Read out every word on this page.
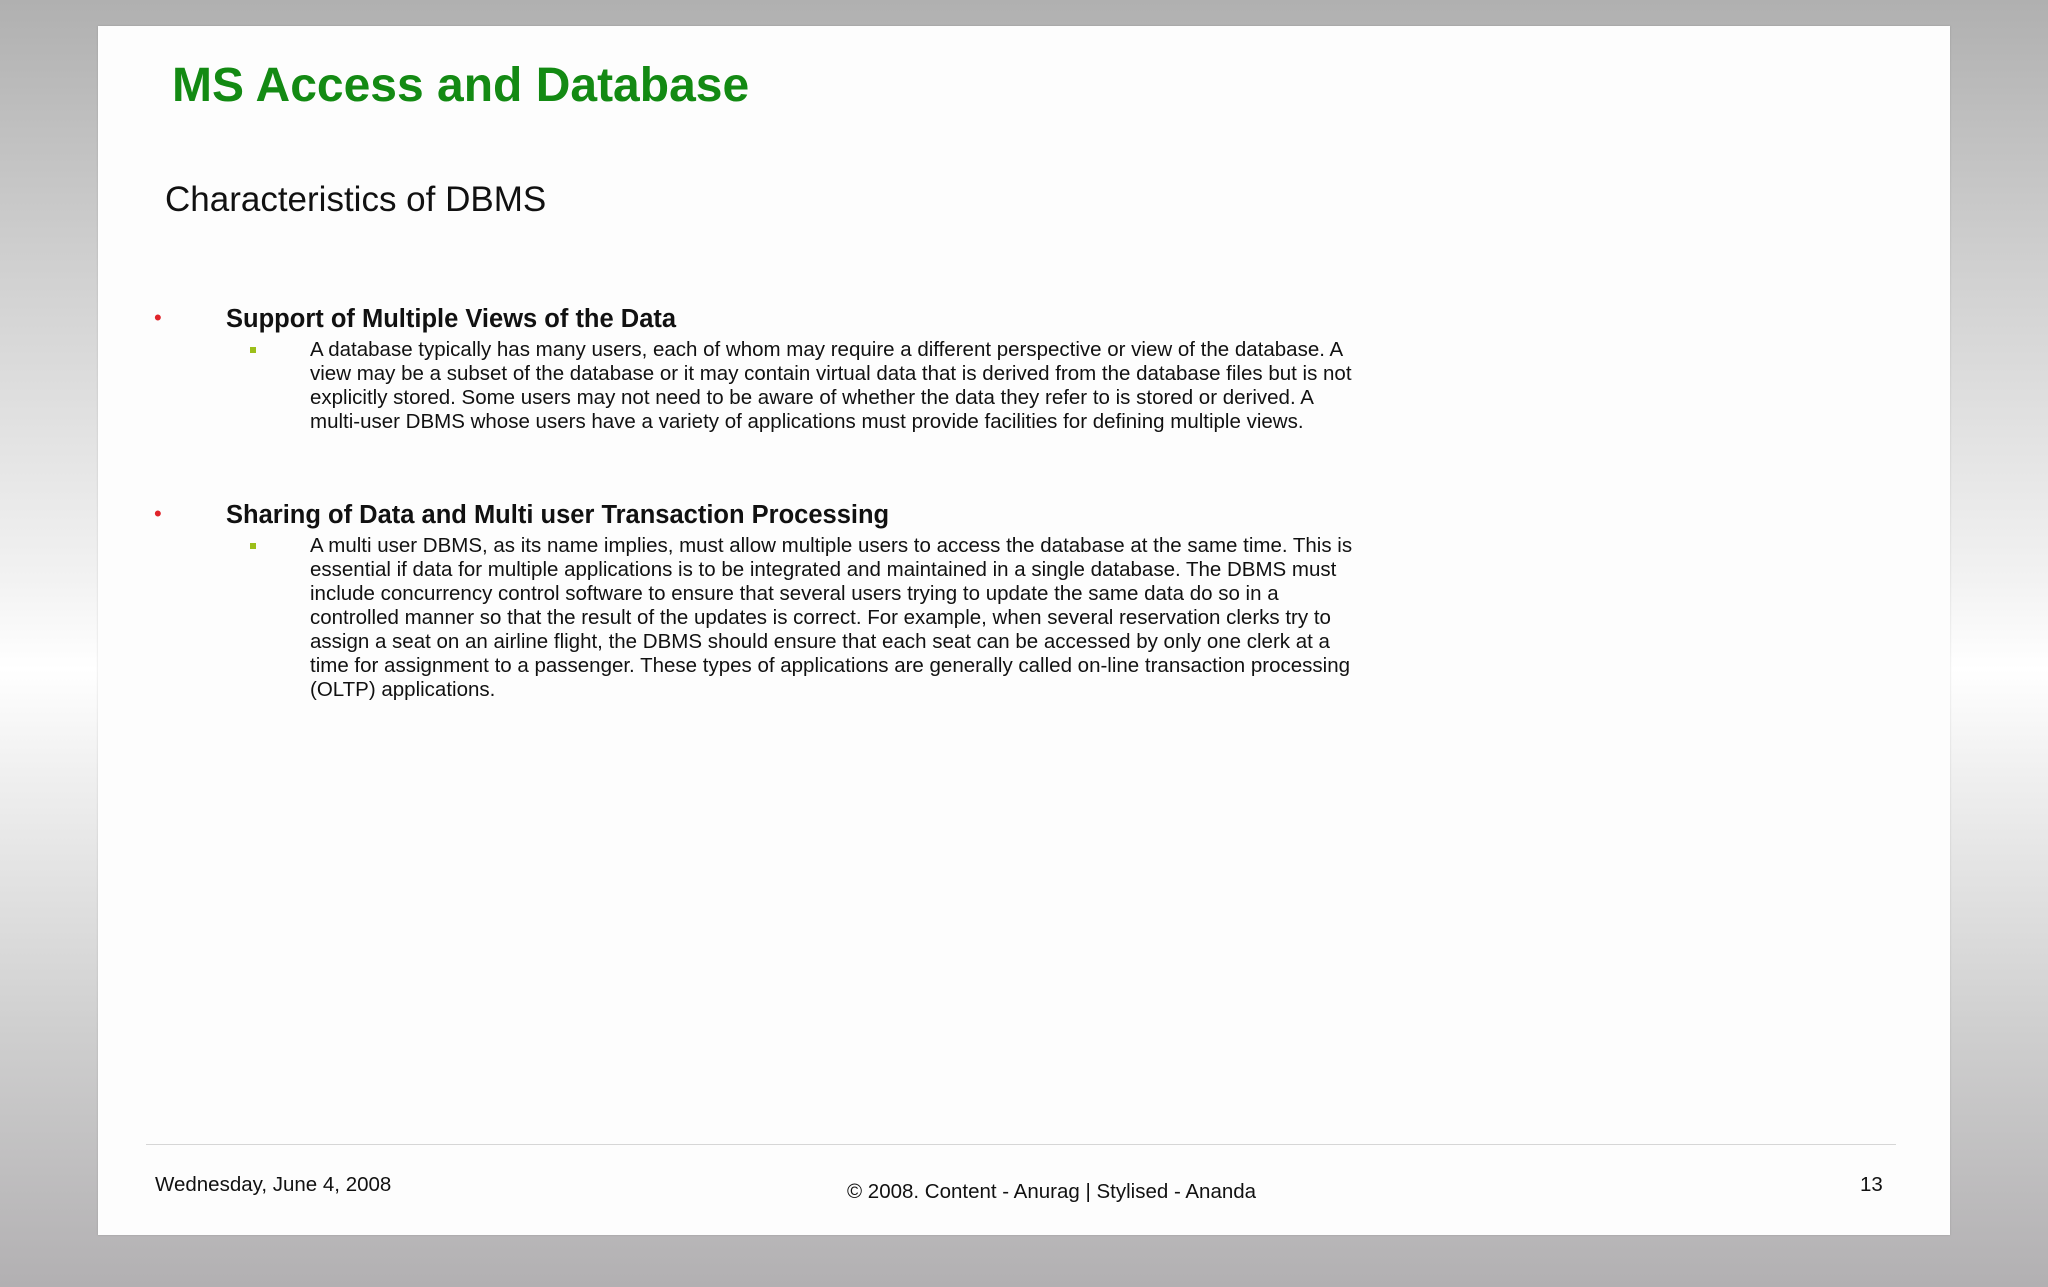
MS Access and Database
Characteristics of DBMS
•	Support of Multiple Views of the Data

A database typically has many users, each of whom may require a different perspective or view of the database. A view may be a subset of the database or it may contain virtual data that is derived from the database files but is not explicitly stored. Some users may not need to be aware of whether the data they refer to is stored or derived. A multi-user DBMS whose users have a variety of applications must provide facilities for defining multiple views.

•	Sharing of Data and Multi user Transaction Processing

A multi user DBMS, as its name implies, must allow multiple users to access the database at the same time. This is essential if data for multiple applications is to be integrated and maintained in a single database. The DBMS must include concurrency control software to ensure that several users trying to update the same data do so in a controlled manner so that the result of the updates is correct. For example, when several reservation clerks try to assign a seat on an airline flight, the DBMS should ensure that each seat can be accessed by only one clerk at a time for assignment to a passenger. These types of applications are generally called on-line transaction processing (OLTP) applications.

Wednesday, June 4, 2008	© 2008. Content - Anurag | Stylised - Ananda	13
